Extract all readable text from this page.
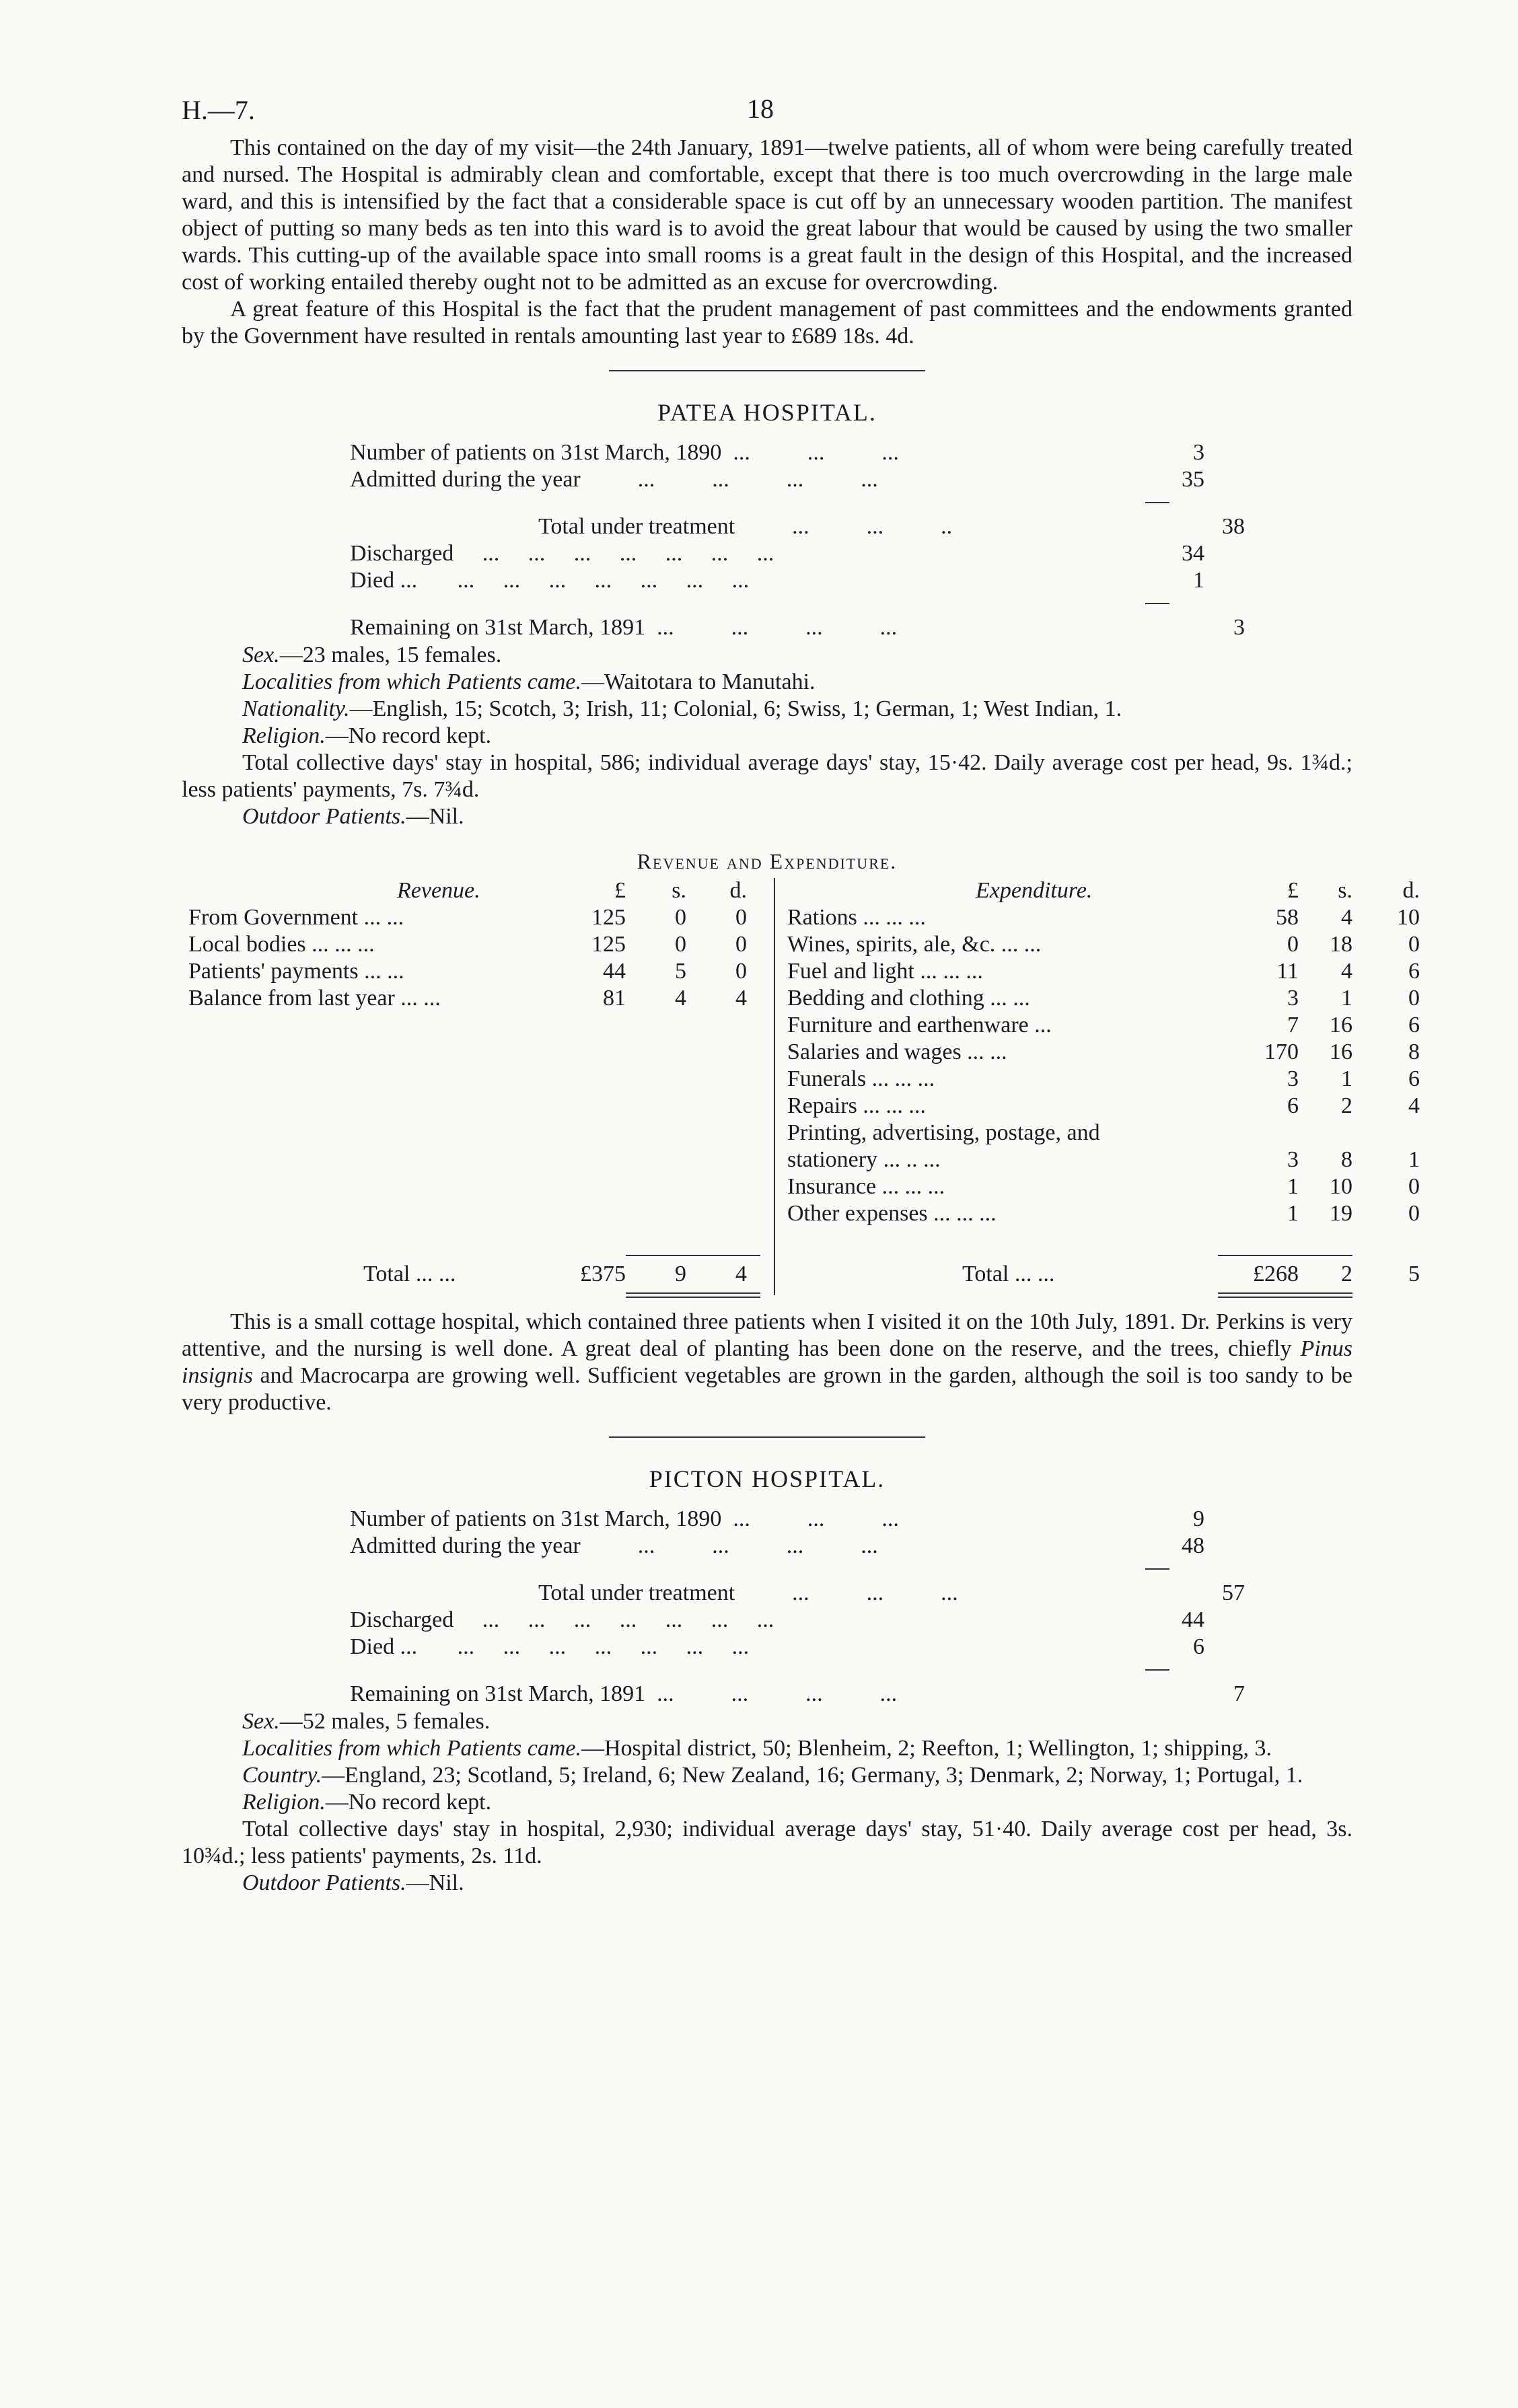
H.—7.	18

This contained on the day of my visit—the 24th January, 1891—twelve patients, all of whom were being carefully treated and nursed. The Hospital is admirably clean and comfortable, except that there is too much overcrowding in the large male ward, and this is intensified by the fact that a considerable space is cut off by an unnecessary wooden partition. The manifest object of putting so many beds as ten into this ward is to avoid the great labour that would be caused by using the two smaller wards. This cutting-up of the available space into small rooms is a great fault in the design of this Hospital, and the increased cost of working entailed thereby ought not to be admitted as an excuse for overcrowding.

A great feature of this Hospital is the fact that the prudent management of past committees and the endowments granted by the Government have resulted in rentals amounting last year to £689 18s. 4d.

PATEA HOSPITAL.
Number of patients on 31st March, 1890  ...          ...          ...	3
Admitted during the year          ...          ...          ...          ...	35
Total under treatment          ...          ...          ..	38
Discharged     ...     ...     ...     ...     ...     ...     ...	34
Died ...       ...     ...     ...     ...     ...     ...     ...	1
Remaining on 31st March, 1891  ...          ...          ...          ...	3

Sex.—23 males, 15 females.

Localities from which Patients came.—Waitotara to Manutahi.

Nationality.—English, 15; Scotch, 3; Irish, 11; Colonial, 6; Swiss, 1; German, 1; West Indian, 1.

Religion.—No record kept.

Total collective days' stay in hospital, 586; individual average days' stay, 15·42. Daily average cost per head, 9s. 1¾d.; less patients' payments, 7s. 7¾d.

Outdoor Patients.—Nil.

Revenue and Expenditure.
Revenue.	Expenditure.
£	s.	d.	£	s.	d.
From Government ... ...	125	0	0
Local bodies ... ... ...	125	0	0
Patients' payments ... ...	44	5	0
Balance from last year ... ...	81	4	4
Rations ... ... ...	58	4	10
Wines, spirits, ale, &c. ... ...	0	18	0
Fuel and light ... ... ...	11	4	6
Bedding and clothing ... ...	3	1	0
Furniture and earthenware ...	7	16	6
Salaries and wages ... ...	170	16	8
Funerals ... ... ...	3	1	6
Repairs ... ... ...	6	2	4
Printing, advertising, postage, and
stationery ... .. ...	3	8	1
Insurance ... ... ...	1	10	0
Other expenses ... ... ...	1	19	0
Total ... ...	£375	9	4	Total ... ...	£268	2	5

This is a small cottage hospital, which contained three patients when I visited it on the 10th July, 1891. Dr. Perkins is very attentive, and the nursing is well done. A great deal of planting has been done on the reserve, and the trees, chiefly Pinus insignis and Macrocarpa are growing well. Sufficient vegetables are grown in the garden, although the soil is too sandy to be very productive.

PICTON HOSPITAL.
Number of patients on 31st March, 1890  ...          ...          ...	9
Admitted during the year          ...          ...          ...          ...	48
Total under treatment          ...          ...          ...	57
Discharged     ...     ...     ...     ...     ...     ...     ...	44
Died ...       ...     ...     ...     ...     ...     ...     ...	6
Remaining on 31st March, 1891  ...          ...          ...          ...	7

Sex.—52 males, 5 females.

Localities from which Patients came.—Hospital district, 50; Blenheim, 2; Reefton, 1; Wellington, 1; shipping, 3.

Country.—England, 23; Scotland, 5; Ireland, 6; New Zealand, 16; Germany, 3; Denmark, 2; Norway, 1; Portugal, 1.

Religion.—No record kept.

Total collective days' stay in hospital, 2,930; individual average days' stay, 51·40. Daily average cost per head, 3s. 10¾d.; less patients' payments, 2s. 11d.

Outdoor Patients.—Nil.
